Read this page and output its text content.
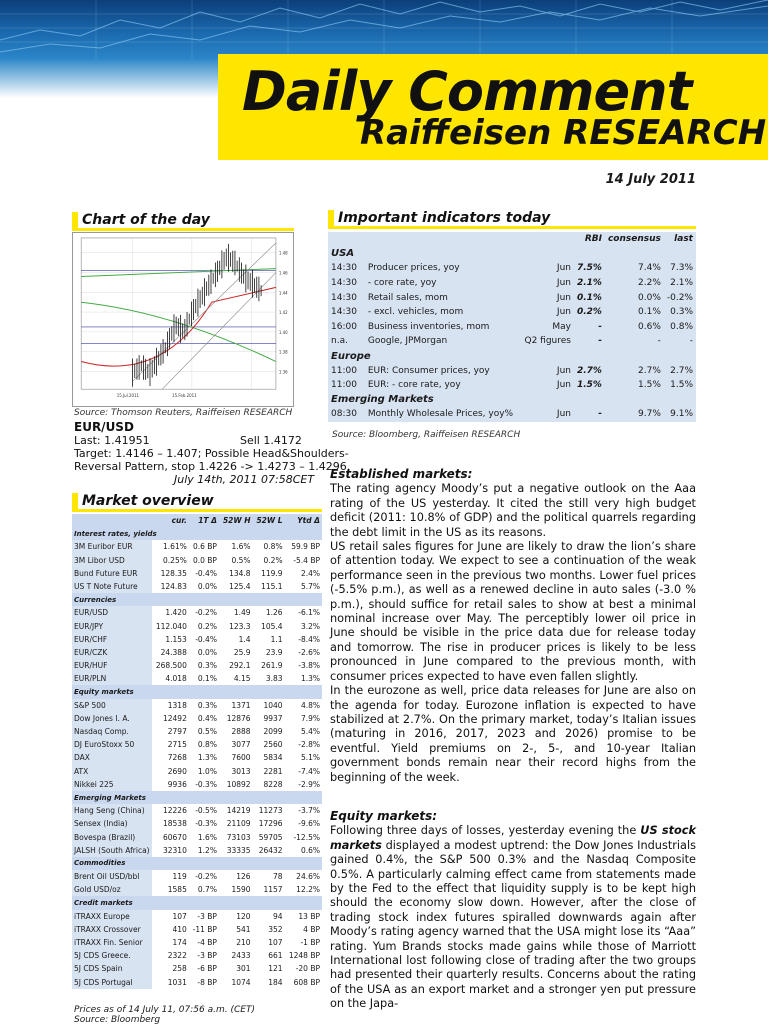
Daily Comment
Raiffeisen RESEARCH
14 July 2011
Chart of the day
1.48
1.46
1.44
1.42
1.40
1.38
1.36
15.Jul.2011	15.Feb.2011
Source: Thomson Reuters, Raiffeisen RESEARCH
EUR/USD
Last: 1.41951	Sell 1.4172
Target: 1.4146 – 1.407; Possible Head&Shoulders-
Reversal Pattern, stop 1.4226 -> 1.4273 – 1.4296.
July 14th, 2011 07:58CET
Market overview
	cur.	1T Δ	52W H	52W L	Ytd Δ
Interest rates, yields					
3M Euribor EUR	1.61%	0.6 BP	1.6%	0.8%	59.9 BP
3M Libor USD	0.25%	0.0 BP	0.5%	0.2%	-5.4 BP
Bund Future EUR	128.35	-0.4%	134.8	119.9	2.4%
US T Note Future	124.83	0.0%	125.4	115.1	5.7%
Currencies					
EUR/USD	1.420	-0.2%	1.49	1.26	-6.1%
EUR/JPY	112.040	0.2%	123.3	105.4	3.2%
EUR/CHF	1.153	-0.4%	1.4	1.1	-8.4%
EUR/CZK	24.388	0.0%	25.9	23.9	-2.6%
EUR/HUF	268.500	0.3%	292.1	261.9	-3.8%
EUR/PLN	4.018	0.1%	4.15	3.83	1.3%
Equity markets					
S&P 500	1318	0.3%	1371	1040	4.8%
Dow Jones I. A.	12492	0.4%	12876	9937	7.9%
Nasdaq Comp.	2797	0.5%	2888	2099	5.4%
DJ EuroStoxx 50	2715	0.8%	3077	2560	-2.8%
DAX	7268	1.3%	7600	5834	5.1%
ATX	2690	1.0%	3013	2281	-7.4%
Nikkei 225	9936	-0.3%	10892	8228	-2.9%
Emerging Markets					
Hang Seng (China)	12226	-0.5%	14219	11273	-3.7%
Sensex (India)	18538	-0.3%	21109	17296	-9.6%
Bovespa (Brazil)	60670	1.6%	73103	59705	-12.5%
JALSH (South Africa)	32310	1.2%	33335	26432	0.6%
Commodities					
Brent Oil USD/bbl	119	-0.2%	126	78	24.6%
Gold USD/oz	1585	0.7%	1590	1157	12.2%
Credit markets					
iTRAXX Europe	107	-3 BP	120	94	13 BP
iTRAXX Crossover	410	-11 BP	541	352	4 BP
iTRAXX Fin. Senior	174	-4 BP	210	107	-1 BP
5J CDS Greece.	2322	-3 BP	2433	661	1248 BP
5J CDS Spain	258	-6 BP	301	121	-20 BP
5J CDS Portugal	1031	-8 BP	1074	184	608 BP
Prices as of 14 July 11, 07:56 a.m. (CET)
Source: Bloomberg
Important indicators today
			RBI	consensus	last
USA					
14:30	Producer prices, yoy	Jun	7.5%	7.4%	7.3%
14:30	- core rate, yoy	Jun	2.1%	2.2%	2.1%
14:30	Retail sales, mom	Jun	0.1%	0.0%	-0.2%
14:30	- excl. vehicles, mom	Jun	0.2%	0.1%	0.3%
16:00	Business inventories, mom	May	-	0.6%	0.8%
n.a.	Google, JPMorgan	Q2 figures	-	-	-
Europe					
11:00	EUR: Consumer prices, yoy	Jun	2.7%	2.7%	2.7%
11:00	EUR: - core rate, yoy	Jun	1.5%	1.5%	1.5%
Emerging Markets					
08:30	Monthly Wholesale Prices, yoy%	Jun	-	9.7%	9.1%
Source: Bloomberg, Raiffeisen RESEARCH
Established markets:

The rating agency Moody’s put a negative outlook on the Aaa rating of the US yesterday. It cited the still very high budget deficit (2011: 10.8% of GDP) and the political quarrels regarding the debt limit in the US as its reasons.

US retail sales figures for June are likely to draw the lion’s share of attention today. We expect to see a continuation of the weak performance seen in the previous two months. Lower fuel prices (-5.5% p.m.), as well as a renewed decline in auto sales (-3.0 % p.m.), should suffice for retail sales to show at best a minimal nominal increase over May. The perceptibly lower oil price in June should be visible in the price data due for release today and tomorrow. The rise in producer prices is likely to be less pronounced in June compared to the previous month, with consumer prices expected to have even fallen slightly.

In the eurozone as well, price data releases for June are also on the agenda for today. Eurozone inflation is expected to have stabilized at 2.7%. On the primary market, today’s Italian issues (maturing in 2016, 2017, 2023 and 2026) promise to be eventful. Yield premiums on 2-, 5-, and 10-year Italian government bonds remain near their record highs from the beginning of the week.

Equity markets:

Following three days of losses, yesterday evening the US stock markets displayed a modest uptrend: the Dow Jones Industrials gained 0.4%, the S&P 500 0.3% and the Nasdaq Composite 0.5%. A particularly calming effect came from statements made by the Fed to the effect that liquidity supply is to be kept high should the economy slow down. However, after the close of trading stock index futures spiralled downwards again after Moody’s rating agency warned that the USA might lose its “Aaa” rating. Yum Brands stocks made gains while those of Marriott International lost following close of trading after the two groups had presented their quarterly results. Concerns about the rating of the USA as an export market and a stronger yen put pressure on the Japa-
